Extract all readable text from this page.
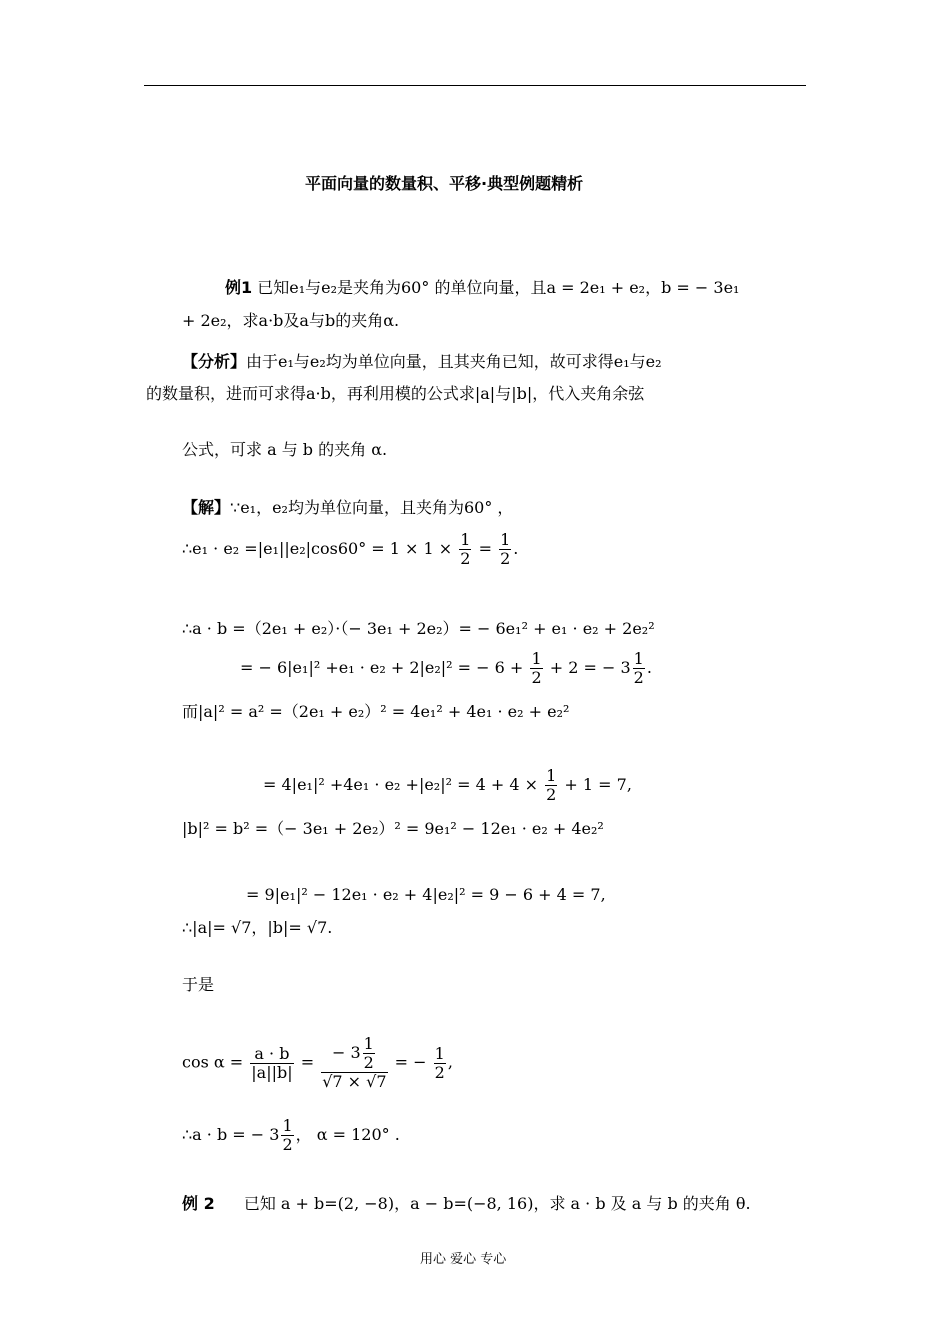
平面向量的数量积、平移·典型例题精析
例1 已知e₁与e₂是夹角为60° 的单位向量，且a = 2e₁ + e₂，b = − 3e₁
+ 2e₂，求a·b及a与b的夹角α.
【分析】由于e₁与e₂均为单位向量，且其夹角已知，故可求得e₁与e₂
的数量积，进而可求得a·b，再利用模的公式求|a|与|b|，代入夹角余弦
公式，可求 a 与 b 的夹角 α.
【解】∵e₁，e₂均为单位向量，且夹角为60° ，
∴e₁ · $e_2 =|e_1||e_2|\cos 60^\circ = 1 \times 1 \times \frac{1}{2} = \frac{1}{2}$ .
∴a · b =（2e₁ + e₂）·（− 3e₁ + 2e₂）= − 6e₁² + e₁ · e₂ + 2e₂²
= − 6|e₁|² +e₁ · e₂ + 2|e₂|² = − $6 + \frac{1}{2} + 2$ = − $3 \frac{1}{2}$ .
而|a|² = a² =（2e₁ + e₂）² = 4e₁² + 4e₁ · e₂ + e₂²
= $4|e_1|^2 +4e_1 \cdot e_2 +|e_2|^2 = 4 + 4 \times \frac{1}{2} + 1 = 7$,
|b|² = b² =（− 3e₁ + 2e₂）² = 9e₁² − 12e₁ · e₂ + 4e₂²
= 9|e₁|² − 12e₁ · e₂ + 4|e₂|² = 9 − 6 + 4 = 7,
∴|a|= √7，|b|= √7.
于是
$\cos \alpha = \frac{a \cdot b}{|a||b|} = \frac{- 3 \frac{1}{2}}{√7 \times √7}$ = − $\frac{1}{2}$ ,
∴a · b = − $3 \frac{1}{2}$ ， α = 120° .
例 2 已知 a + b=(2, −8)，a − b=(−8, 16)，求 a · b 及 a 与 b 的夹角 θ.
用心 爱心 专心
